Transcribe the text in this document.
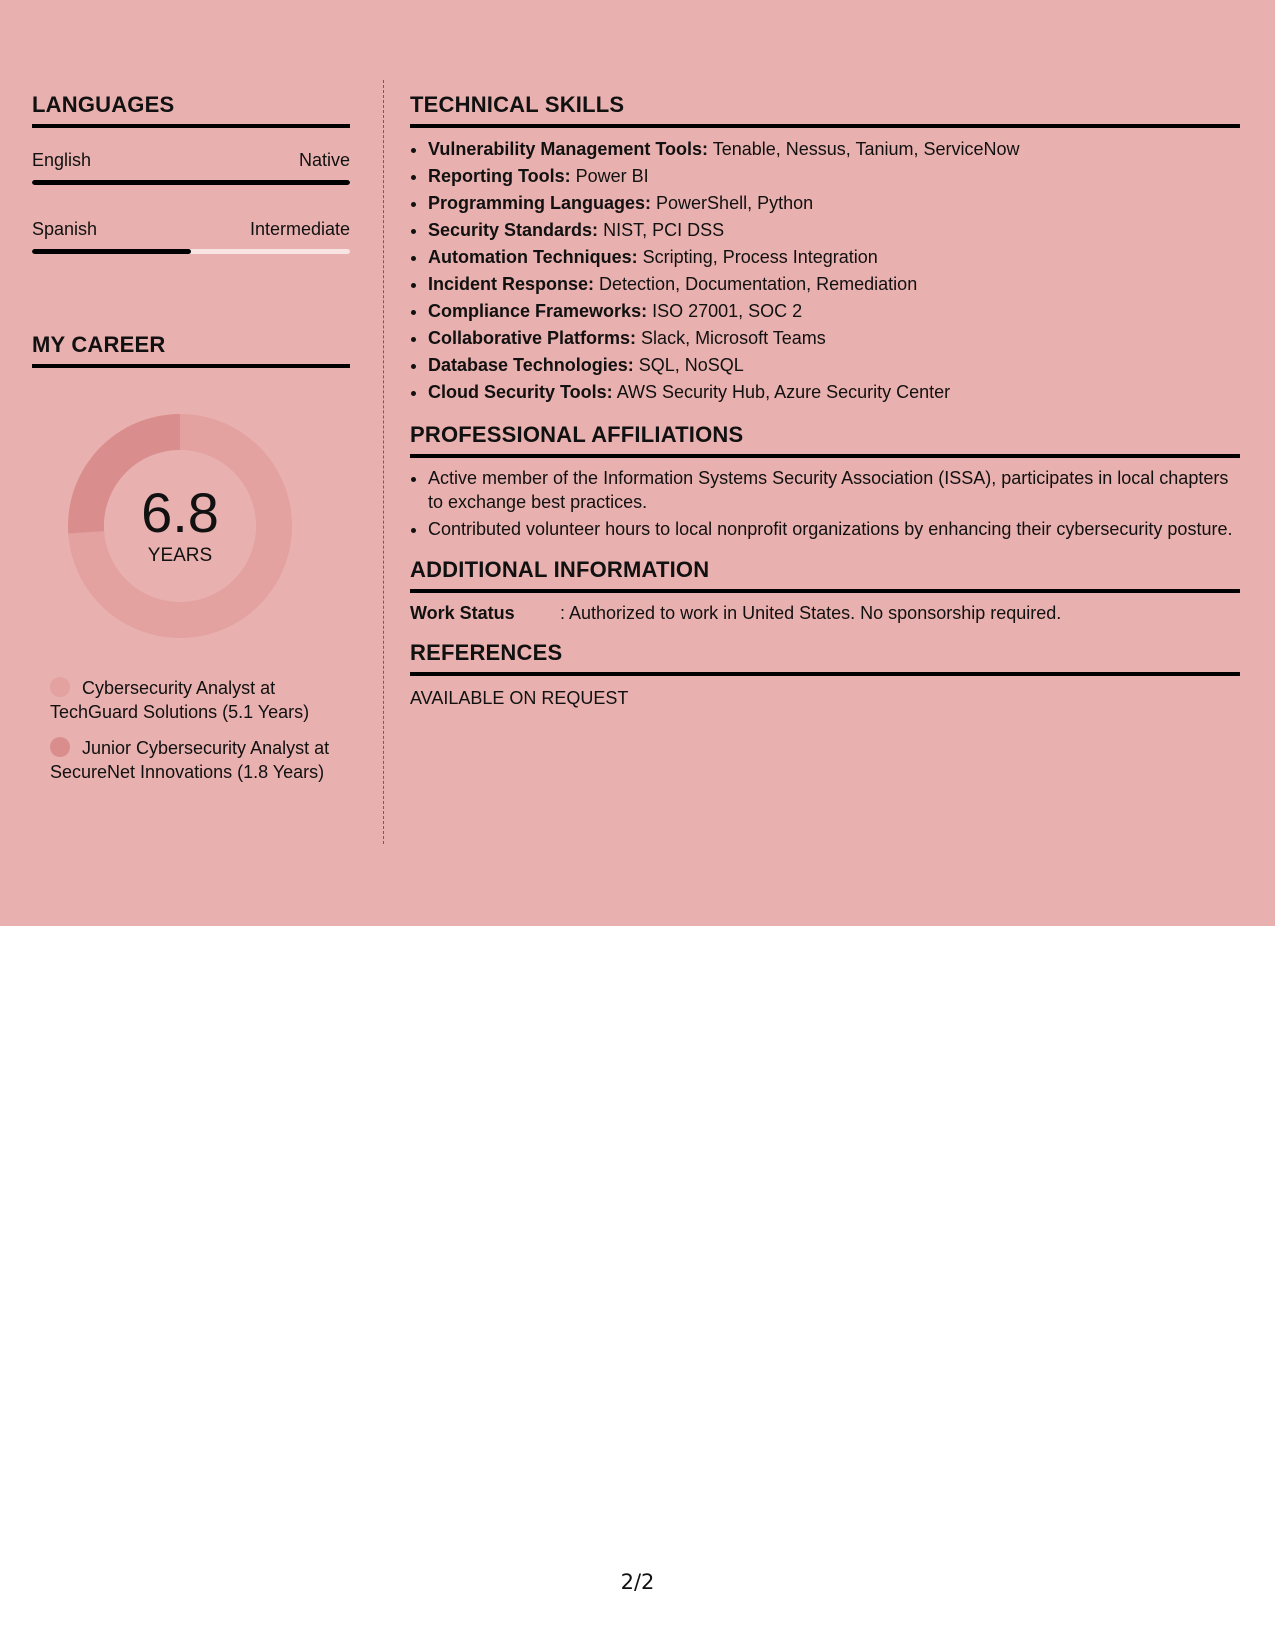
LANGUAGES
English	Native
Spanish	Intermediate
MY CAREER
6.8
YEARS
Cybersecurity Analyst at TechGuard Solutions (5.1 Years)
Junior Cybersecurity Analyst at SecureNet Innovations (1.8 Years)
TECHNICAL SKILLS
• Vulnerability Management Tools: Tenable, Nessus, Tanium, ServiceNow
• Reporting Tools: Power BI
• Programming Languages: PowerShell, Python
• Security Standards: NIST, PCI DSS
• Automation Techniques: Scripting, Process Integration
• Incident Response: Detection, Documentation, Remediation
• Compliance Frameworks: ISO 27001, SOC 2
• Collaborative Platforms: Slack, Microsoft Teams
• Database Technologies: SQL, NoSQL
• Cloud Security Tools: AWS Security Hub, Azure Security Center
PROFESSIONAL AFFILIATIONS
• Active member of the Information Systems Security Association (ISSA), participates in local chapters to exchange best practices.
• Contributed volunteer hours to local nonprofit organizations by enhancing their cybersecurity posture.
ADDITIONAL INFORMATION
Work Status	: Authorized to work in United States. No sponsorship required.
REFERENCES
AVAILABLE ON REQUEST
2/2
